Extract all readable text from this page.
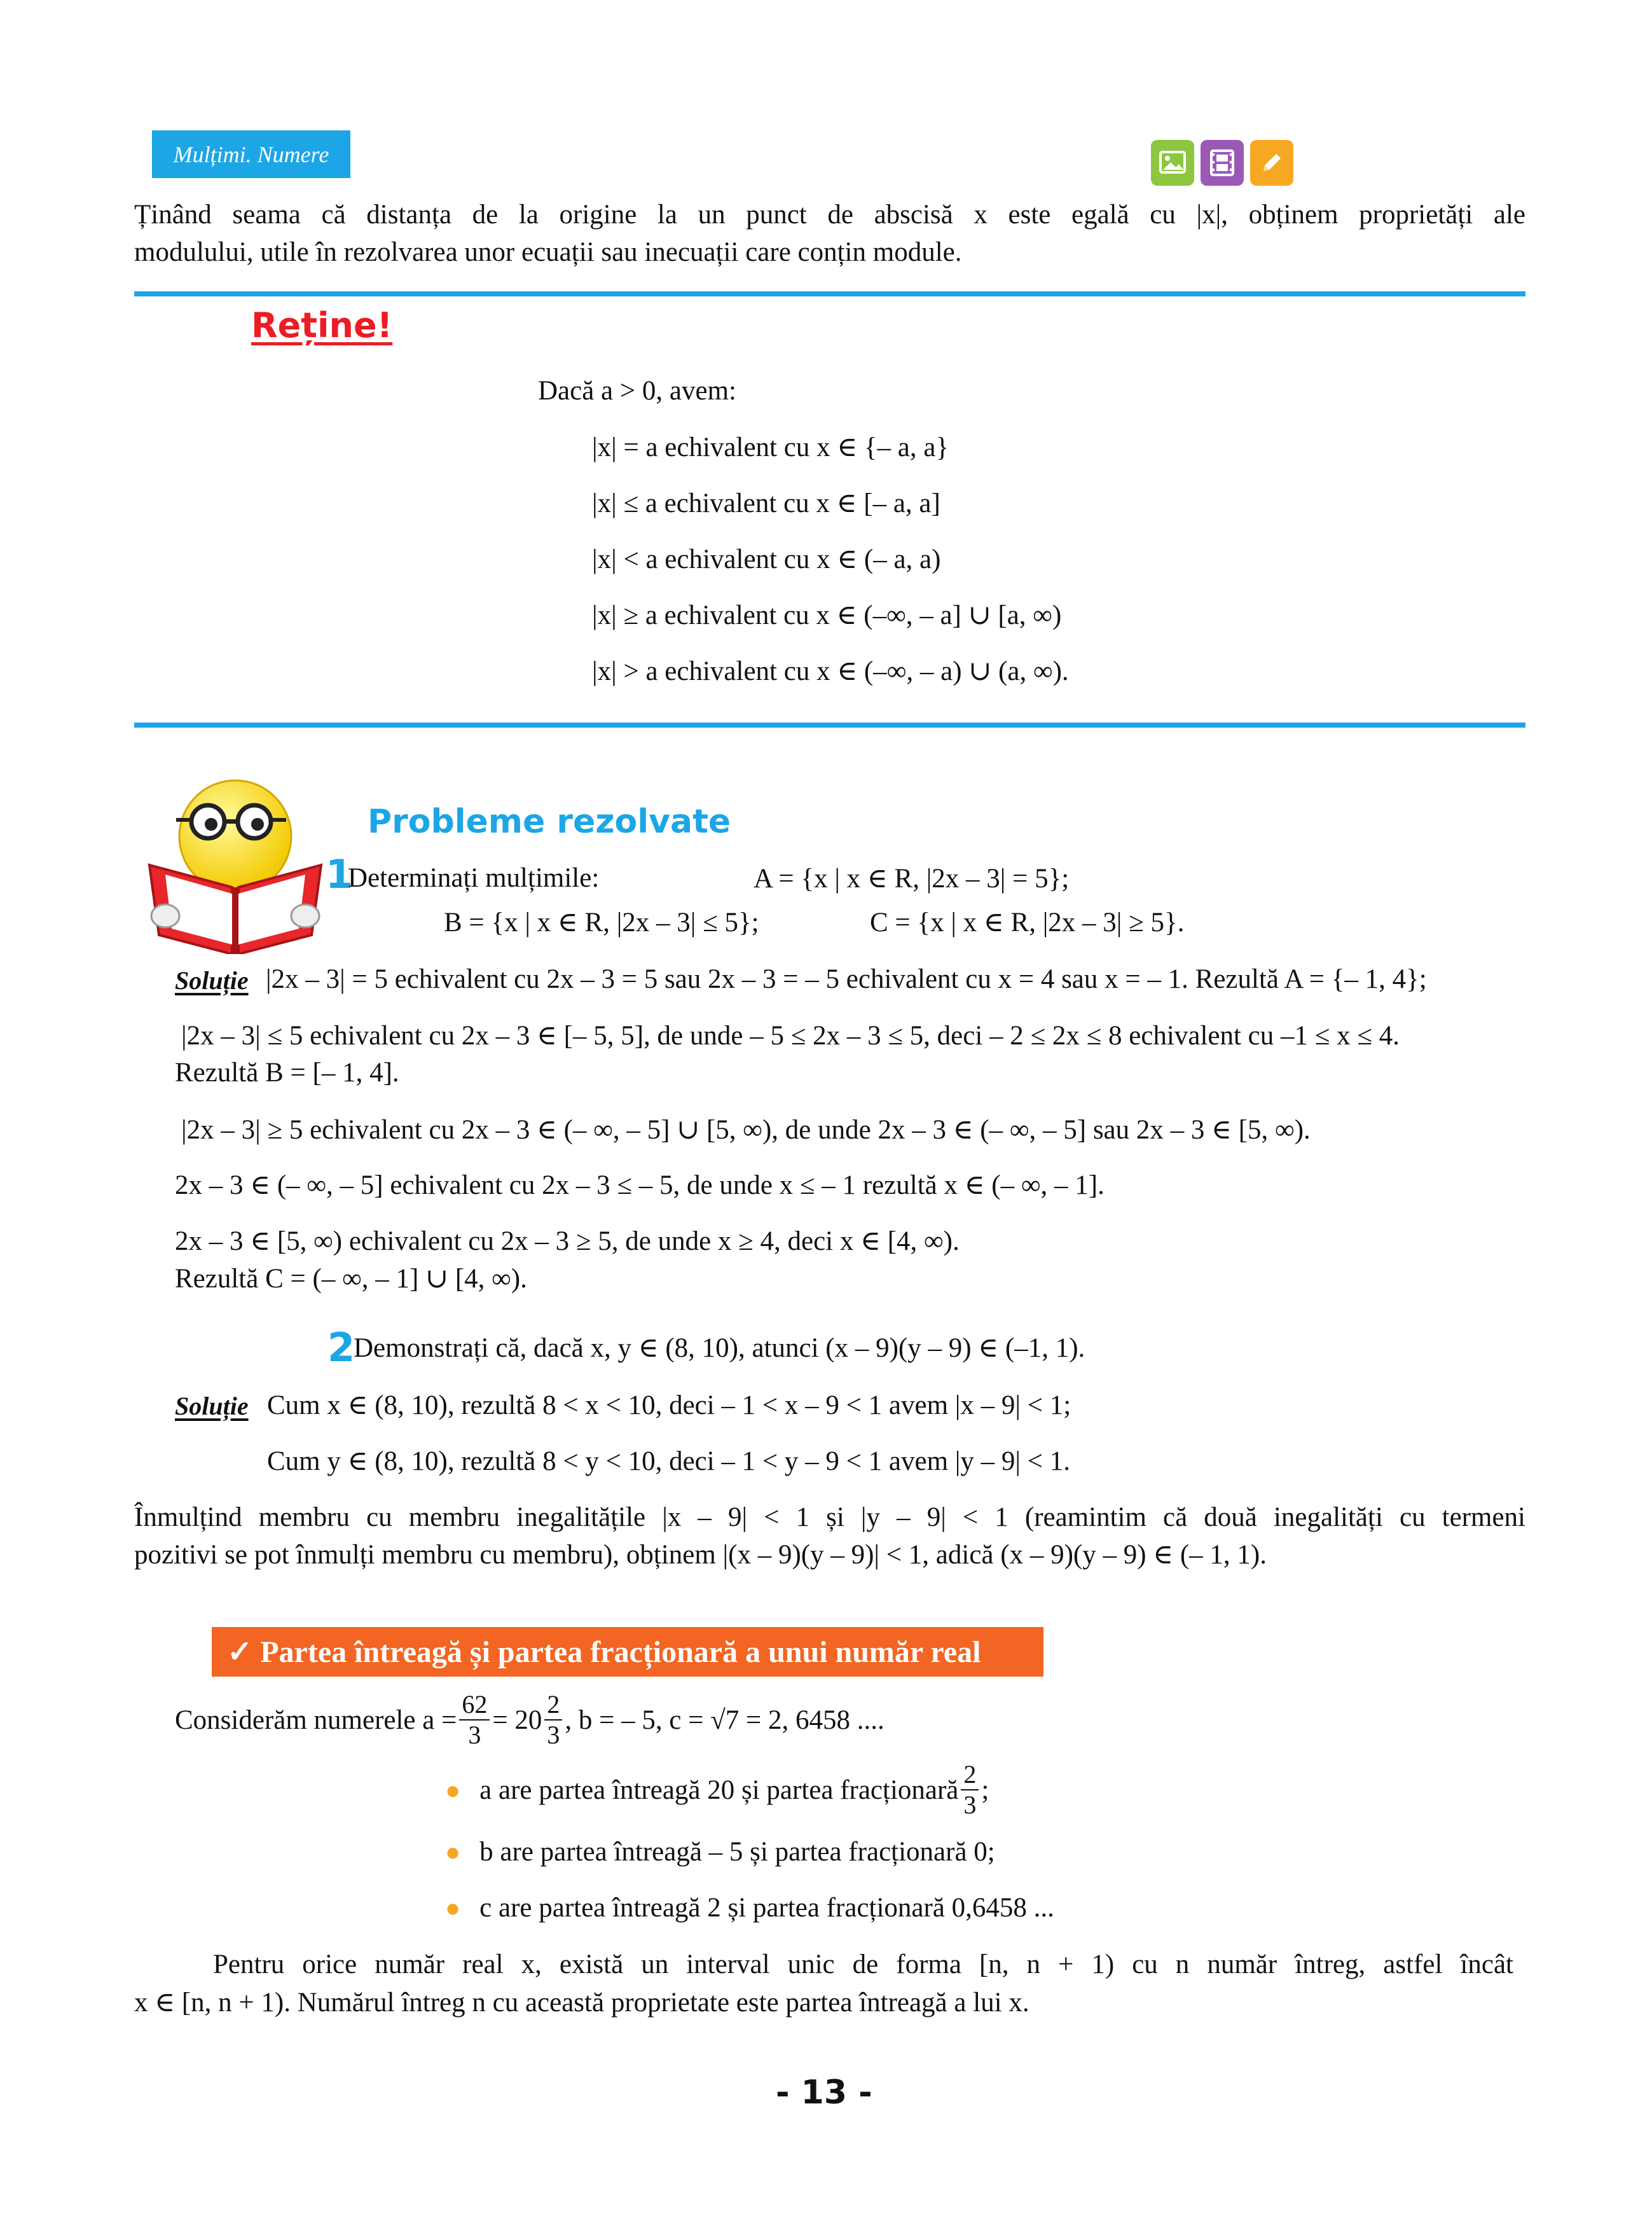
Mulțimi. Numere
Ținând seama că distanța de la origine la un punct de abscisă x este egală cu |x|, obținem proprietăți ale
modulului, utile în rezolvarea unor ecuații sau inecuații care conțin module.
Reține!
Dacă a > 0, avem:
|x| = a echivalent cu x ∈ {– a, a}
|x| ≤ a echivalent cu x ∈ [– a, a]
|x| < a echivalent cu x ∈ (– a, a)
|x| ≥ a echivalent cu x ∈ (–∞, – a] ∪ [a, ∞)
|x| > a echivalent cu x ∈ (–∞, – a) ∪ (a, ∞).
Probleme rezolvate
1
Determinați mulțimile:	A = {x | x ∈ R, |2x – 3| = 5};
B = {x | x ∈ R, |2x – 3| ≤ 5};	C = {x | x ∈ R, |2x – 3| ≥ 5}.
Soluție |2x – 3| = 5 echivalent cu 2x – 3 = 5 sau 2x – 3 = – 5 echivalent cu x = 4 sau x = – 1. Rezultă A = {– 1, 4};
|2x – 3| ≤ 5 echivalent cu 2x – 3 ∈ [– 5, 5], de unde – 5 ≤ 2x – 3 ≤ 5, deci – 2 ≤ 2x ≤ 8 echivalent cu –1 ≤ x ≤ 4.
Rezultă B = [– 1, 4].
|2x – 3| ≥ 5 echivalent cu 2x – 3 ∈ (– ∞, – 5] ∪ [5, ∞), de unde 2x – 3 ∈ (– ∞, – 5] sau 2x – 3 ∈ [5, ∞).
2x – 3 ∈ (– ∞, – 5] echivalent cu 2x – 3 ≤ – 5, de unde x ≤ – 1 rezultă x ∈ (– ∞, – 1].
2x – 3 ∈ [5, ∞) echivalent cu 2x – 3 ≥ 5, de unde x ≥ 4, deci x ∈ [4, ∞).
Rezultă C = (– ∞, – 1] ∪ [4, ∞).
2
Demonstrați că, dacă x, y ∈ (8, 10), atunci (x – 9)(y – 9) ∈ (–1, 1).
Soluție Cum x ∈ (8, 10), rezultă 8 < x < 10, deci – 1 < x – 9 < 1 avem |x – 9| < 1;
Cum y ∈ (8, 10), rezultă 8 < y < 10, deci – 1 < y – 9 < 1 avem |y – 9| < 1.
Înmulțind membru cu membru inegalitățile |x – 9| < 1 și |y – 9| < 1 (reamintim că două inegalități cu termeni
pozitivi se pot înmulți membru cu membru), obținem |(x – 9)(y – 9)| < 1, adică (x – 9)(y – 9) ∈ (– 1, 1).
✓ Partea întreagă și partea fracționară a unui număr real
Considerăm numerele $a = \frac{62}{3} = 20 \frac{2}{3}$ , b = – 5, c = √7 = 2, 6458 ....
● a are partea întreagă 20 și partea fracționară $\frac{2}{3}$ ;
● b are partea întreagă – 5 și partea fracționară 0;
● c are partea întreagă 2 și partea fracționară 0,6458 ...
Pentru orice număr real x, există un interval unic de forma [n, n + 1) cu n număr întreg, astfel încât
x ∈ [n, n + 1). Numărul întreg n cu această proprietate este partea întreagă a lui x.
- 13 -
